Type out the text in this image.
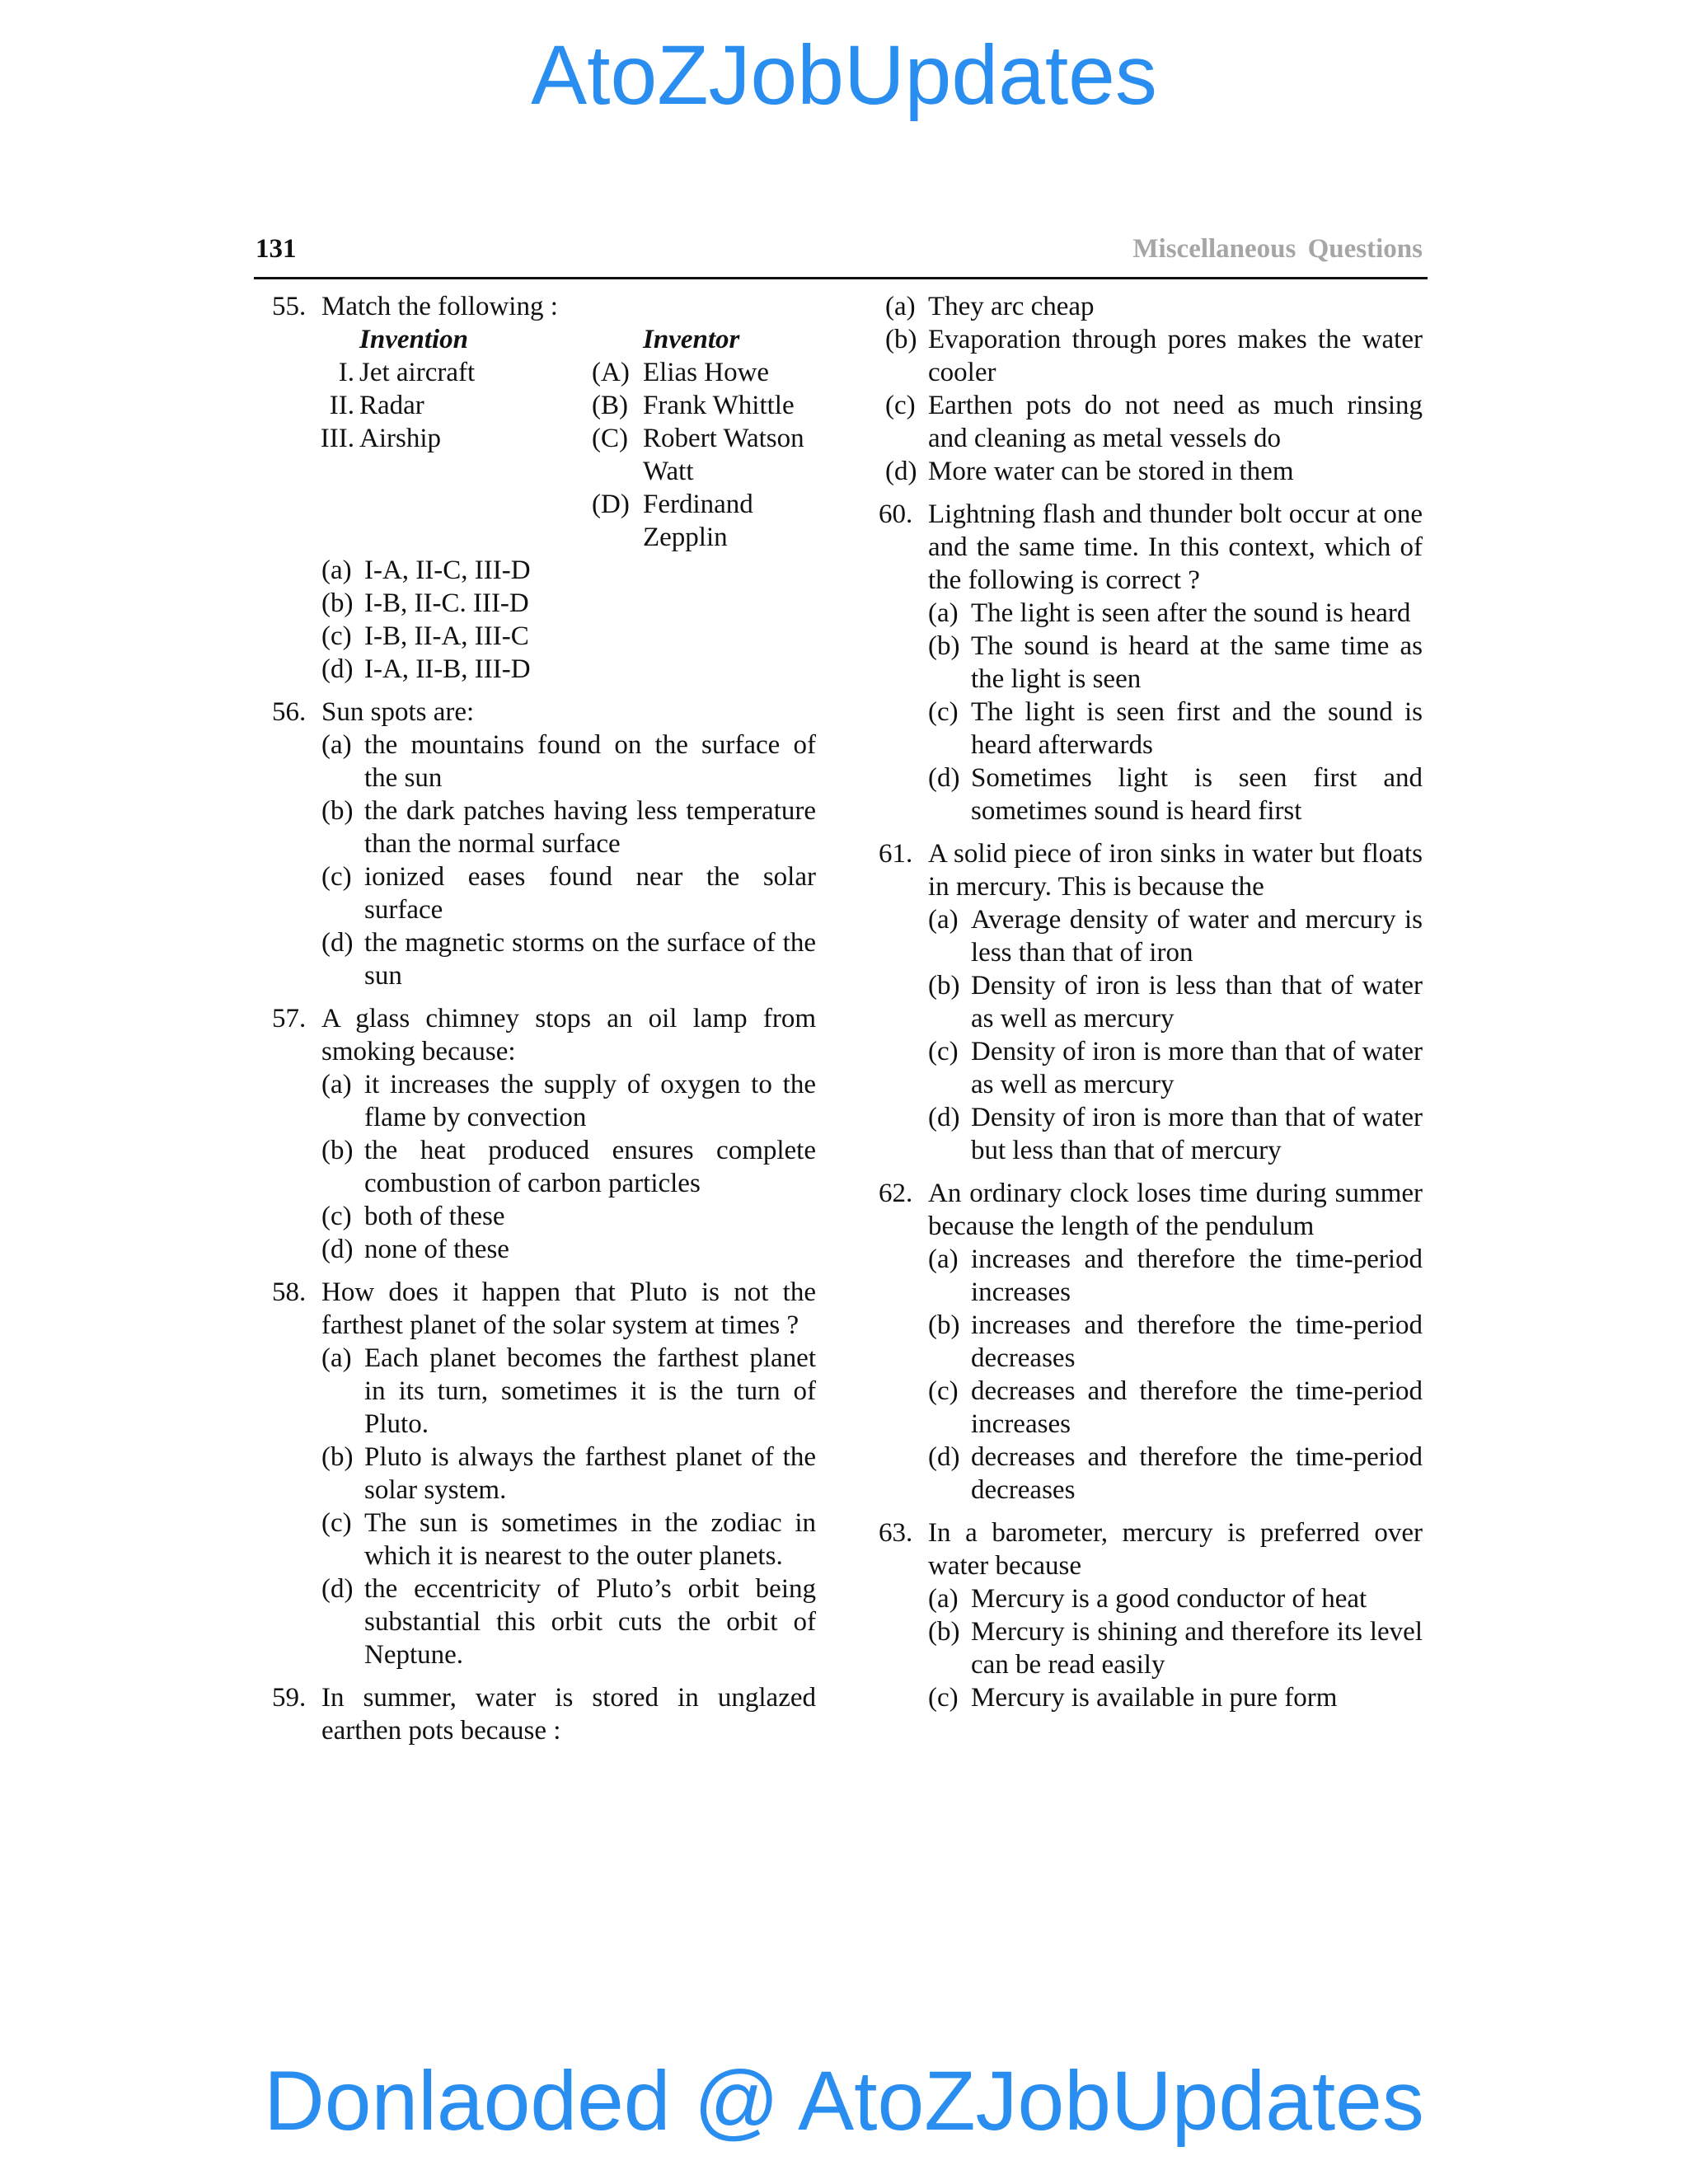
AtoZJobUpdates
131	Miscellaneous Questions
55. Match the following :
Invention	Inventor
I. Jet aircraft
II. Radar
III. Airship
(A) Elias Howe
(B) Frank Whittle
(C) Robert Watson
Watt
(D) Ferdinand
Zepplin
(a) I-A, II-C, III-D
(b) I-B, II-C. III-D
(c) I-B, II-A, III-C
(d) I-A, II-B, III-D
56. Sun spots are:
(a) the mountains found on the surface of the sun
(b) the dark patches having less temperature than the normal surface
(c) ionized eases found near the solar surface
(d) the magnetic storms on the surface of the sun
57. A glass chimney stops an oil lamp from smoking because:
(a) it increases the supply of oxygen to the flame by convection
(b) the heat produced ensures complete combustion of carbon particles
(c) both of these
(d) none of these
58. How does it happen that Pluto is not the farthest planet of the solar system at times ?
(a) Each planet becomes the farthest planet in its turn, sometimes it is the turn of Pluto.
(b) Pluto is always the farthest planet of the solar system.
(c) The sun is sometimes in the zodiac in which it is nearest to the outer planets.
(d) the eccentricity of Pluto’s orbit being substantial this orbit cuts the orbit of Neptune.
59. In summer, water is stored in unglazed earthen pots because :
(a) They arc cheap
(b) Evaporation through pores makes the water cooler
(c) Earthen pots do not need as much rinsing and cleaning as metal vessels do
(d) More water can be stored in them
60. Lightning flash and thunder bolt occur at one and the same time. In this context, which of the following is correct ?
(a) The light is seen after the sound is heard
(b) The sound is heard at the same time as the light is seen
(c) The light is seen first and the sound is heard afterwards
(d) Sometimes light is seen first and sometimes sound is heard first
61. A solid piece of iron sinks in water but floats in mercury. This is because the
(a) Average density of water and mercury is less than that of iron
(b) Density of iron is less than that of water as well as mercury
(c) Density of iron is more than that of water as well as mercury
(d) Density of iron is more than that of water but less than that of mercury
62. An ordinary clock loses time during summer because the length of the pendulum
(a) increases and therefore the time-period increases
(b) increases and therefore the time-period decreases
(c) decreases and therefore the time-period increases
(d) decreases and therefore the time-period decreases
63. In a barometer, mercury is preferred over water because
(a) Mercury is a good conductor of heat
(b) Mercury is shining and therefore its level can be read easily
(c) Mercury is available in pure form
Donlaoded @ AtoZJobUpdates
